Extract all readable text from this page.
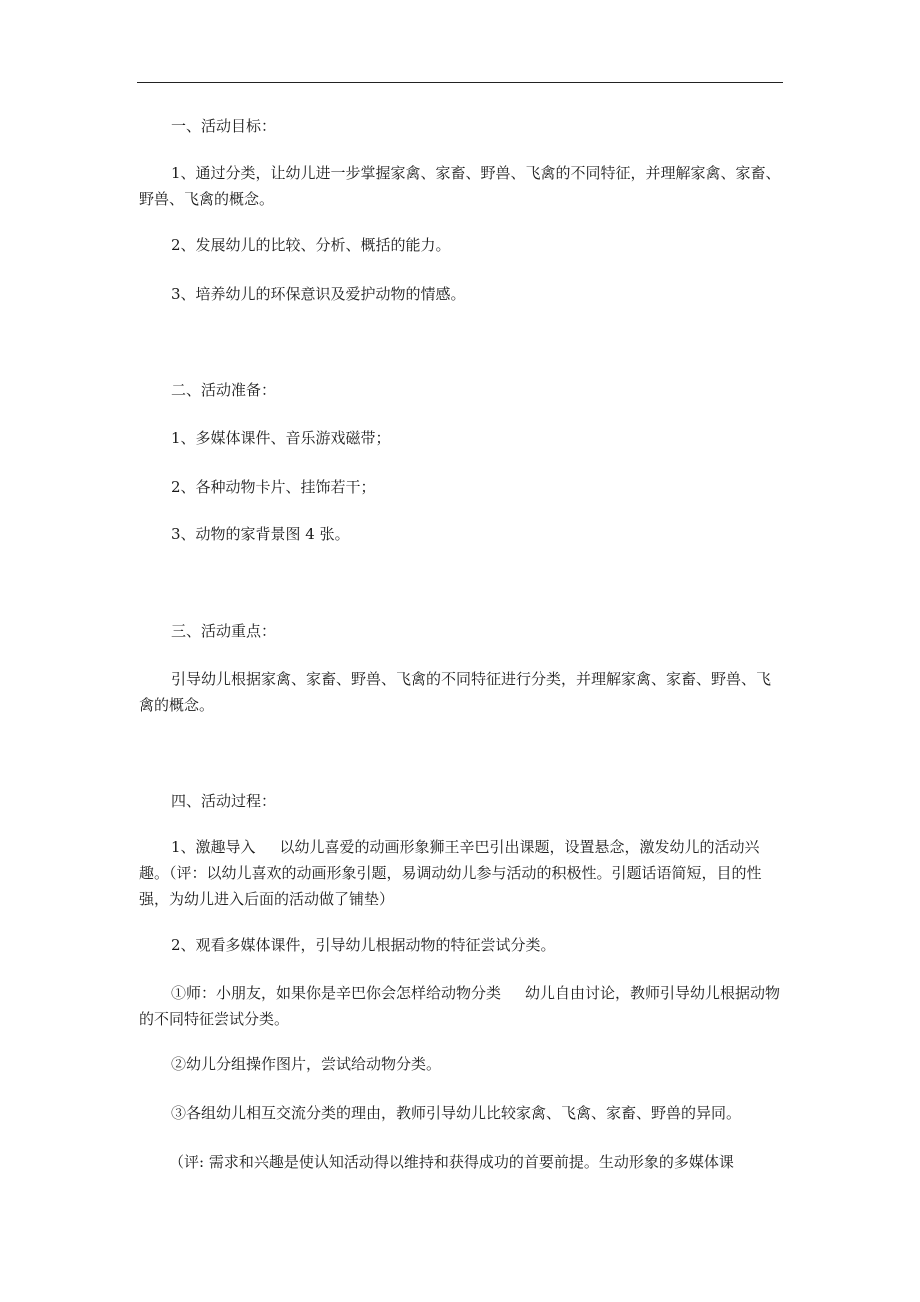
一、活动目标：

1、通过分类，让幼儿进一步掌握家禽、家畜、野兽、飞禽的不同特征，并理解家禽、家畜、野兽、飞禽的概念。

2、发展幼儿的比较、分析、概括的能力。

3、培养幼儿的环保意识及爱护动物的情感。

二、活动准备：

1、多媒体课件、音乐游戏磁带；

2、各种动物卡片、挂饰若干；

3、动物的家背景图 4 张。

三、活动重点：

引导幼儿根据家禽、家畜、野兽、飞禽的不同特征进行分类，并理解家禽、家畜、野兽、飞禽的概念。

四、活动过程：

1、激趣导入 以幼儿喜爱的动画形象狮王辛巴引出课题，设置悬念，激发幼儿的活动兴趣。（评：以幼儿喜欢的动画形象引题，易调动幼儿参与活动的积极性。引题话语简短，目的性强，为幼儿进入后面的活动做了铺垫）

2、观看多媒体课件，引导幼儿根据动物的特征尝试分类。

①师：小朋友，如果你是辛巴你会怎样给动物分类 幼儿自由讨论，教师引导幼儿根据动物的不同特征尝试分类。

②幼儿分组操作图片，尝试给动物分类。

③各组幼儿相互交流分类的理由，教师引导幼儿比较家禽、飞禽、家畜、野兽的异同。

（评: 需求和兴趣是使认知活动得以维持和获得成功的首要前提。生动形象的多媒体课
